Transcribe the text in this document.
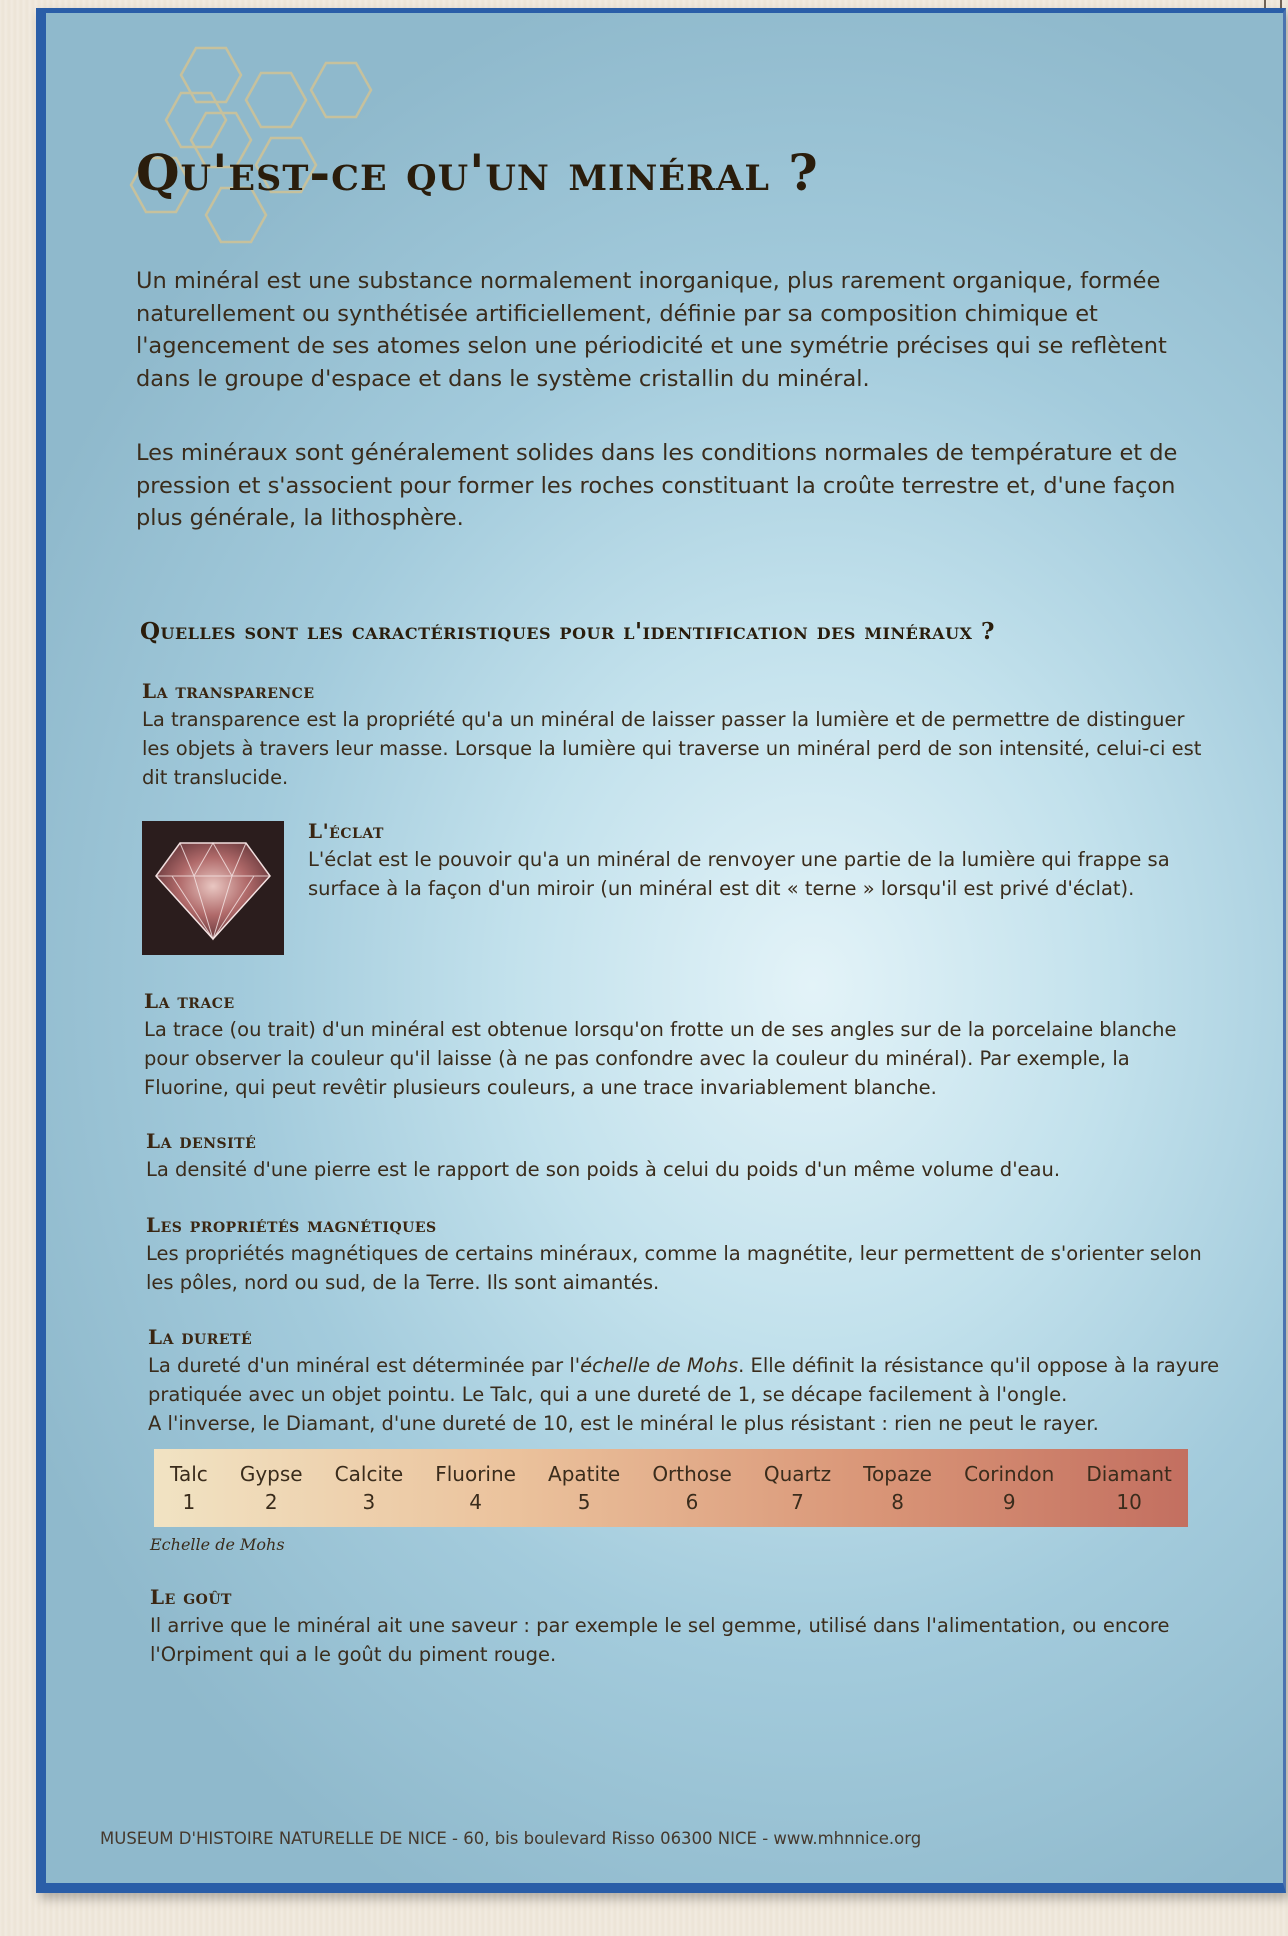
Qu'est-ce qu'un minéral ?

Un minéral est une substance normalement inorganique, plus rarement organique, formée naturellement ou synthétisée artificiellement, définie par sa composition chimique et l'agencement de ses atomes selon une périodicité et une symétrie précises qui se reflètent dans le groupe d'espace et dans le système cristallin du minéral.

Les minéraux sont généralement solides dans les conditions normales de température et de pression et s'associent pour former les roches constituant la croûte terrestre et, d'une façon plus générale, la lithosphère.

Quelles sont les caractéristiques pour l'identification des minéraux ?
La transparence

La transparence est la propriété qu'a un minéral de laisser passer la lumière et de permettre de distinguer les objets à travers leur masse. Lorsque la lumière qui traverse un minéral perd de son intensité, celui-ci est dit translucide.

L'éclat

L'éclat est le pouvoir qu'a un minéral de renvoyer une partie de la lumière qui frappe sa surface à la façon d'un miroir (un minéral est dit « terne » lorsqu'il est privé d'éclat).

La trace

La trace (ou trait) d'un minéral est obtenue lorsqu'on frotte un de ses angles sur de la porcelaine blanche pour observer la couleur qu'il laisse (à ne pas confondre avec la couleur du minéral). Par exemple, la Fluorine, qui peut revêtir plusieurs couleurs, a une trace invariablement blanche.

La densité

La densité d'une pierre est le rapport de son poids à celui du poids d'un même volume d'eau.

Les propriétés magnétiques

Les propriétés magnétiques de certains minéraux, comme la magnétite, leur permettent de s'orienter selon les pôles, nord ou sud, de la Terre. Ils sont aimantés.

La dureté

La dureté d'un minéral est déterminée par l'échelle de Mohs. Elle définit la résistance qu'il oppose à la rayure pratiquée avec un objet pointu. Le Talc, qui a une dureté de 1, se décape facilement à l'ongle.
A l'inverse, le Diamant, d'une dureté de 10, est le minéral le plus résistant : rien ne peut le rayer.

Talc
1
Gypse
2
Calcite
3
Fluorine
4
Apatite
5
Orthose
6
Quartz
7
Topaze
8
Corindon
9
Diamant
10

Echelle de Mohs

Le goût

Il arrive que le minéral ait une saveur : par exemple le sel gemme, utilisé dans l'alimentation, ou encore l'Orpiment qui a le goût du piment rouge.

MUSEUM D'HISTOIRE NATURELLE DE NICE - 60, bis boulevard Risso 06300 NICE - www.mhnnice.org
